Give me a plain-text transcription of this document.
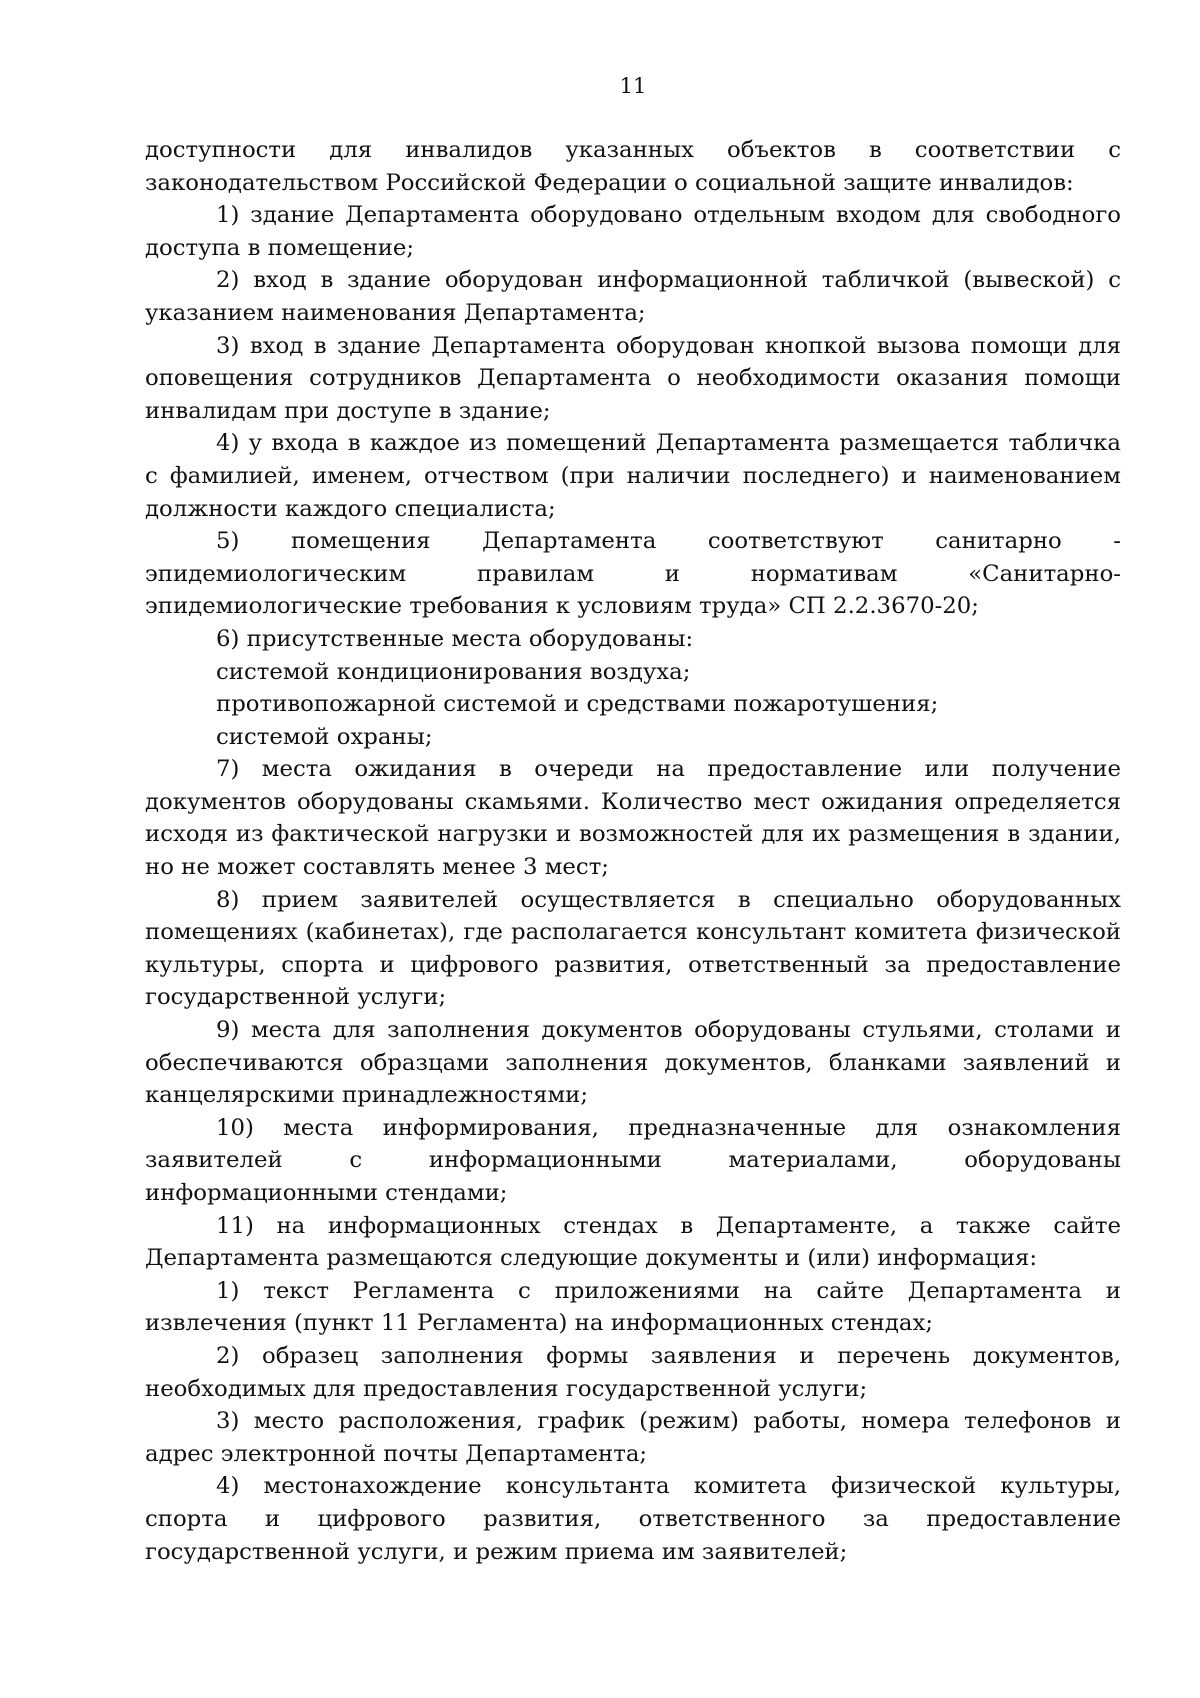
11

доступности для инвалидов указанных объектов в соответствии с законодательством Российской Федерации о социальной защите инвалидов:

1) здание Департамента оборудовано отдельным входом для свободного доступа в помещение;

2) вход в здание оборудован информационной табличкой (вывеской) с указанием наименования Департамента;

3) вход в здание Департамента оборудован кнопкой вызова помощи для оповещения сотрудников Департамента о необходимости оказания помощи инвалидам при доступе в здание;

4) у входа в каждое из помещений Департамента размещается табличка с фамилией, именем, отчеством (при наличии последнего) и наименованием должности каждого специалиста;

5) помещения Департамента соответствуют санитарно - эпидемиологическим правилам и нормативам «Санитарно-эпидемиологические требования к условиям труда» СП 2.2.3670-20;

6) присутственные места оборудованы:

системой кондиционирования воздуха;

противопожарной системой и средствами пожаротушения;

системой охраны;

7) места ожидания в очереди на предоставление или получение документов оборудованы скамьями. Количество мест ожидания определяется исходя из фактической нагрузки и возможностей для их размещения в здании, но не может составлять менее 3 мест;

8) прием заявителей осуществляется в специально оборудованных помещениях (кабинетах), где располагается консультант комитета физической культуры, спорта и цифрового развития, ответственный за предоставление государственной услуги;

9) места для заполнения документов оборудованы стульями, столами и обеспечиваются образцами заполнения документов, бланками заявлений и канцелярскими принадлежностями;

10) места информирования, предназначенные для ознакомления заявителей с информационными материалами, оборудованы информационными стендами;

11) на информационных стендах в Департаменте, а также сайте Департамента размещаются следующие документы и (или) информация:

1) текст Регламента с приложениями на сайте Департамента и извлечения (пункт 11 Регламента) на информационных стендах;

2) образец заполнения формы заявления и перечень документов, необходимых для предоставления государственной услуги;

3) место расположения, график (режим) работы, номера телефонов и адрес электронной почты Департамента;

4) местонахождение консультанта комитета физической культуры, спорта и цифрового развития, ответственного за предоставление государственной услуги, и режим приема им заявителей;
